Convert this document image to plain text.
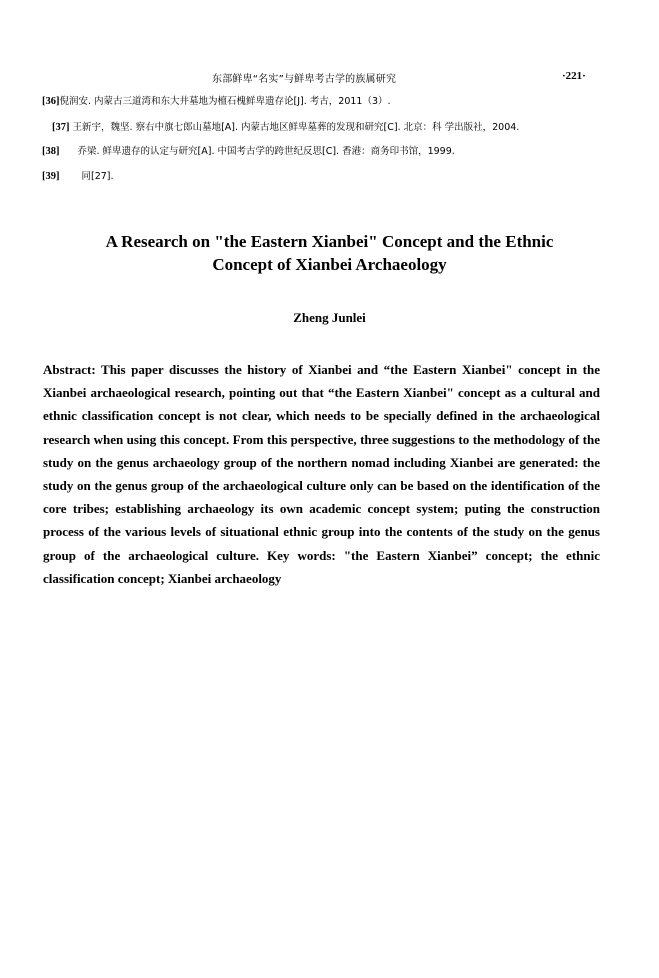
东部鲜卑“名实”与鲜卑考古学的族属研究	·221·
[36]倪润安. 内蒙古三道湾和东大井墓地为檀石槐鲜卑遗存论[J]. 考古，2011（3）.
[37] 王新宇，魏坚. 察右中旗七郎山墓地[A]. 内蒙古地区鲜卑墓葬的发现和研究[C]. 北京：科 学出版社，2004.
[38] 乔梁. 鲜卑遗存的认定与研究[A]. 中国考古学的跨世纪反思[C]. 香港：商务印书馆，1999.
[39] 同[27].
A Research on "the Eastern Xianbei" Concept and the Ethnic
Concept of Xianbei Archaeology
Zheng Junlei
Abstract: This paper discusses the history of Xianbei and “the Eastern Xianbei" concept in the Xianbei archaeological research, pointing out that “the Eastern Xianbei" concept as a cultural and ethnic classification concept is not clear, which needs to be specially defined in the archaeological research when using this concept. From this perspective, three suggestions to the methodology of the study on the genus archaeology group of the northern nomad including Xianbei are generated: the study on the genus group of the archaeological culture only can be based on the identification of the core tribes; establishing archaeology its own academic concept system; puting the construction process of the various levels of situational ethnic group into the contents of the study on the genus group of the archaeological culture. Key words: "the Eastern Xianbei” concept; the ethnic classification concept; Xianbei archaeology
